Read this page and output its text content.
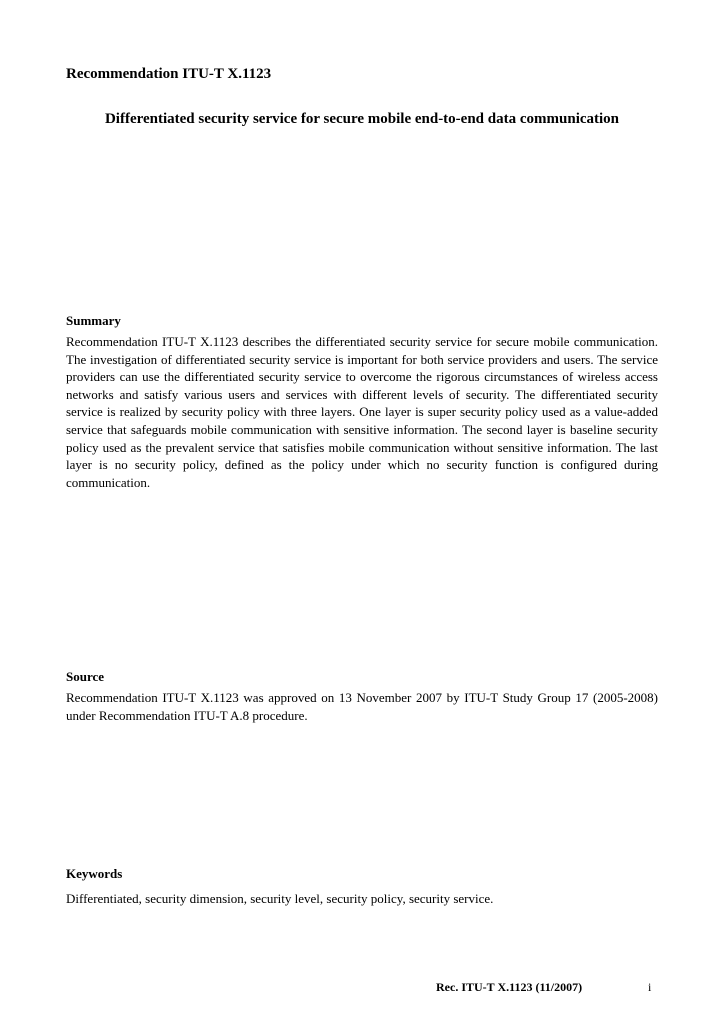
Recommendation ITU-T X.1123
Differentiated security service for secure mobile end-to-end data communication
Summary

Recommendation ITU-T X.1123 describes the differentiated security service for secure mobile communication. The investigation of differentiated security service is important for both service providers and users. The service providers can use the differentiated security service to overcome the rigorous circumstances of wireless access networks and satisfy various users and services with different levels of security. The differentiated security service is realized by security policy with three layers. One layer is super security policy used as a value-added service that safeguards mobile communication with sensitive information. The second layer is baseline security policy used as the prevalent service that satisfies mobile communication without sensitive information. The last layer is no security policy, defined as the policy under which no security function is configured during communication.

Source

Recommendation ITU-T X.1123 was approved on 13 November 2007 by ITU-T Study Group 17 (2005-2008) under Recommendation ITU-T A.8 procedure.

Keywords

Differentiated, security dimension, security level, security policy, security service.

Rec. ITU-T X.1123 (11/2007)	i
